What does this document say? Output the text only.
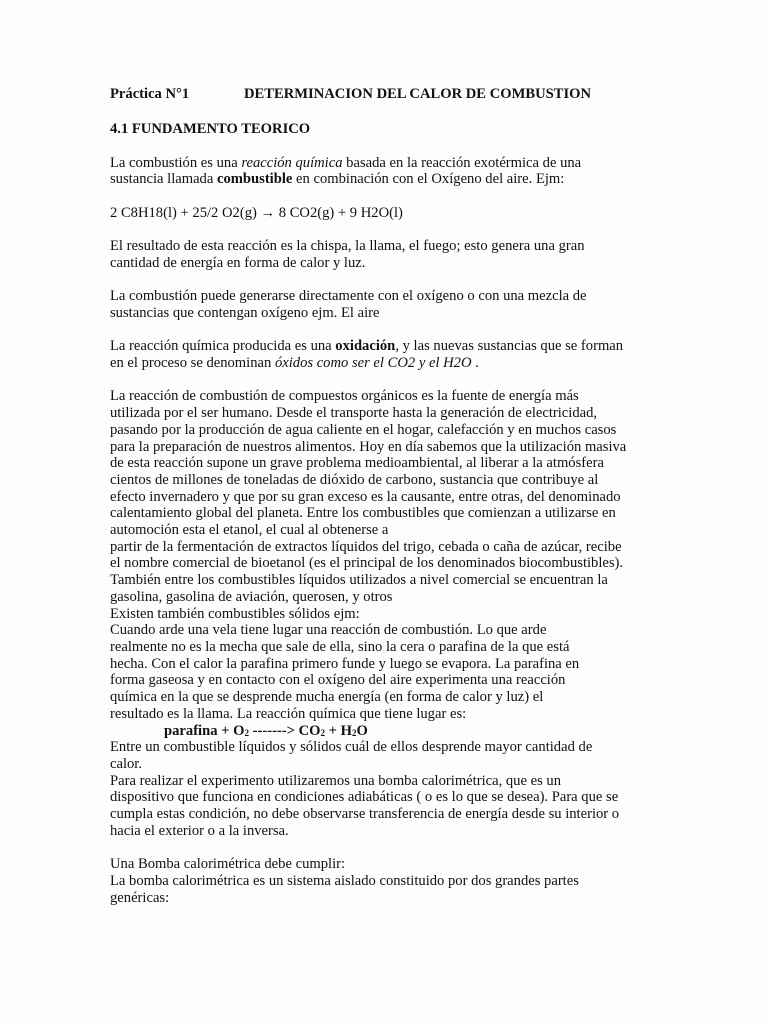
Práctica N°1	DETERMINACION DEL CALOR DE COMBUSTION
4.1 FUNDAMENTO TEORICO

La combustión es una reacción química basada en la reacción exotérmica de una
sustancia llamada combustible en combinación con el Oxígeno del aire. Ejm:

2 C8H18(l) + 25/2 O2(g) → 8 CO2(g) + 9 H2O(l)

El resultado de esta reacción es la chispa, la llama, el fuego; esto genera una gran
cantidad de energía en forma de calor y luz.

La combustión puede generarse directamente con el oxígeno o con una mezcla de
sustancias que contengan oxígeno ejm. El aire

La reacción química producida es una oxidación, y las nuevas sustancias que se forman
en el proceso se denominan óxidos como ser el CO2 y el H2O .

La reacción de combustión de compuestos orgánicos es la fuente de energía más
utilizada por el ser humano. Desde el transporte hasta la generación de electricidad,
pasando por la producción de agua caliente en el hogar, calefacción y en muchos casos
para la preparación de nuestros alimentos. Hoy en día sabemos que la utilización masiva
de esta reacción supone un grave problema medioambiental, al liberar a la atmósfera
cientos de millones de toneladas de dióxido de carbono, sustancia que contribuye al
efecto invernadero y que por su gran exceso es la causante, entre otras, del denominado
calentamiento global del planeta. Entre los combustibles que comienzan a utilizarse en
automoción esta el etanol, el cual al obtenerse a
partir de la fermentación de extractos líquidos del trigo, cebada o caña de azúcar, recibe
el nombre comercial de bioetanol (es el principal de los denominados biocombustibles).
También entre los combustibles líquidos utilizados a nivel comercial se encuentran la
gasolina, gasolina de aviación, querosen, y otros
Existen también combustibles sólidos ejm:
Cuando arde una vela tiene lugar una reacción de combustión. Lo que arde
realmente no es la mecha que sale de ella, sino la cera o parafina de la que está
hecha. Con el calor la parafina primero funde y luego se evapora. La parafina en
forma gaseosa y en contacto con el oxígeno del aire experimenta una reacción
química en la que se desprende mucha energía (en forma de calor y luz) el
resultado es la llama. La reacción química que tiene lugar es:

parafina + $O_2$ -------> $CO_2 + H_2O$

Entre un combustible líquidos y sólidos cuál de ellos desprende mayor cantidad de
calor.
Para realizar el experimento utilizaremos una bomba calorimétrica, que es un
dispositivo que funciona en condiciones adiabáticas ( o es lo que se desea). Para que se
cumpla estas condición, no debe observarse transferencia de energía desde su interior o
hacia el exterior o a la inversa.

Una Bomba calorimétrica debe cumplir:
La bomba calorimétrica es un sistema aislado constituido por dos grandes partes
genéricas:
